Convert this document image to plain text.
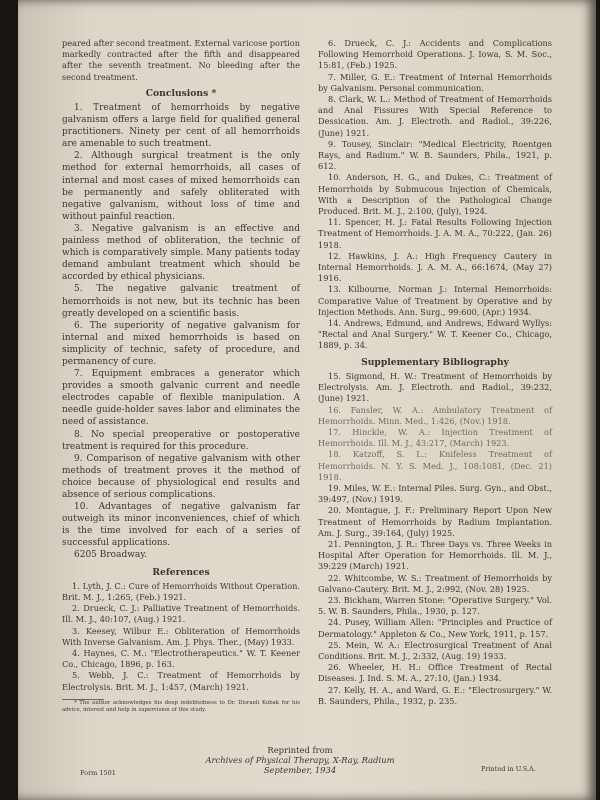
peared after second treatment. External varicose portion markedly contracted after the fifth and disappeared after the seventh treatment. No bleeding after the second treatment.

Conclusions *

1. Treatment of hemorrhoids by negative galvanism offers a large field for qualified general practitioners. Ninety per cent of all hemorrhoids are amenable to such treatment.

2. Although surgical treatment is the only method for external hemorrhoids, all cases of internal and most cases of mixed hemorrhoids can be permanently and safely obliterated with negative galvanism, without loss of time and without painful reaction.

3. Negative galvanism is an effective and painless method of obliteration, the technic of which is comparatively simple. Many patients today demand ambulant treatment which should be accorded by ethical physicians.

5. The negative galvanic treatment of hemorrhoids is not new, but its technic has been greatly developed on a scientific basis.

6. The superiority of negative galvanism for internal and mixed hemorrhoids is based on simplicity of technic, safety of procedure, and permanency of cure.

7. Equipment embraces a generator which provides a smooth galvanic current and needle electrodes capable of flexible manipulation. A needle guide-holder saves labor and eliminates the need of assistance.

8. No special preoperative or postoperative treatment is required for this procedure.

9. Comparison of negative galvanism with other methods of treatment proves it the method of choice because of physiological end results and absence of serious complications.

10. Advantages of negative galvanism far outweigh its minor inconveniences, chief of which is the time involved for each of a series of successful applications.

6205 Broadway.

References

1. Lyth, J. C.: Cure of Hemorrhoids Without Operation. Brit. M. J., 1:265, (Feb.) 1921.

2. Drueck, C. J.: Palliative Treatment of Hemorrhoids. Ill. M. J., 40:107, (Aug.) 1921.

3. Keesey, Wilbur E.: Obliteration of Hemorrhoids With Inverse Galvanism. Am. J. Phys. Ther., (May) 1933.

4. Haynes, C. M.: "Electrotherapeutics." W. T. Keener Co., Chicago, 1896, p. 163.

5. Webb, J. C.: Treatment of Hemorrhoids by Electrolysis. Brit. M. J., 1:457, (March) 1921.

* The author acknowledges his deep indebtedness to Dr. Disraeli Kobak for his advice, interest and help in supervision of this study.

6. Drueck, C. J.: Accidents and Complications Following Hemorrhoid Operations. J. Iowa, S. M. Soc., 15:81, (Feb.) 1925.

7. Miller, G. E.: Treatment of Internal Hemorrhoids by Galvanism. Personal communication.

8. Clark, W. L.: Method of Treatment of Hemorrhoids and Anal Fissures With Special Reference to Dessication. Am. J. Electroth. and Radiol., 39:226, (June) 1921.

9. Tousey, Sinclair: "Medical Electricity, Roentgen Rays, and Radium." W. B. Saunders, Phila., 1921, p. 612.

10. Anderson, H. G., and Dukes, C.: Treatment of Hemorrhoids by Submucous Injection of Chemicals, With a Description of the Pathological Change Produced. Brit. M. J., 2:100, (July), 1924.

11. Spencer, H. J.: Fatal Results Following Injection Treatment of Hemorrhoids. J. A. M. A., 70:222, (Jan. 26) 1918.

12. Hawkins, J. A.: High Frequency Cautery in Internal Hemorrhoids. J. A. M. A., 66:1674, (May 27) 1916.

13. Kilbourne, Norman J.: Internal Hemorrhoids: Comparative Value of Treatment by Operative and by Injection Methods. Ann. Surg., 99:600, (Apr.) 1934.

14. Andrews, Edmund, and Andrews, Edward Wyllys: "Rectal and Anal Surgery." W. T. Keener Co., Chicago, 1889, p. 34.

Supplementary Bibliography

15. Sigmond, H. W.: Treatment of Hemorrhoids by Electrolysis. Am. J. Electroth. and Radiol., 39:232, (June) 1921.

16. Fansler, W. A.: Ambulatory Treatment of Hemorrhoids. Minn. Med., 1:426, (Nov.) 1918.

17. Hinckle, W. A.: Injection Treatment of Hemorrhoids. Ill. M. J., 43:217, (March) 1923.

18. Katzoff, S. L.: Knifeless Treatment of Hemorrhoids. N. Y. S. Med. J., 108:1081, (Dec. 21) 1918.

19. Miles, W. E.: Internal Piles. Surg. Gyn., and Obst., 39:497, (Nov.) 1919.

20. Montague, J. F.: Preliminary Report Upon New Treatment of Hemorrhoids by Radium Implantation. Am. J. Surg., 39:164, (July) 1925.

21. Pennington, J. R.: Three Days vs. Three Weeks in Hospital After Operation for Hemorrhoids. Ill. M. J., 39:229 (March) 1921.

22. Whitcombe, W. S.: Treatment of Hemorrhoids by Galvano-Cautery. Brit. M. J., 2:992, (Nov. 28) 1925.

23. Bickham, Warren Stone: "Operative Surgery." Vol. 5. W. B. Saunders, Phila., 1930, p. 127.

24. Pusey, William Allen: "Principles and Practice of Dermatology." Appleton & Co., New York, 1911, p. 157.

25. Mein, W. A.: Electrosurgical Treatment of Anal Conditions. Brit. M. J., 2:332, (Aug. 19) 1933.

26. Wheeler, H. H.: Office Treatment of Rectal Diseases. J. Ind. S. M. A., 27:10, (Jan.) 1934.

27. Kelly, H. A., and Ward, G. E.: "Electrosurgery." W. B. Saunders, Phila., 1932, p. 235.

Reprinted from
Archives of Physical Therapy, X-Ray, Radium
September, 1934
Form 1501	Printed in U.S.A.
